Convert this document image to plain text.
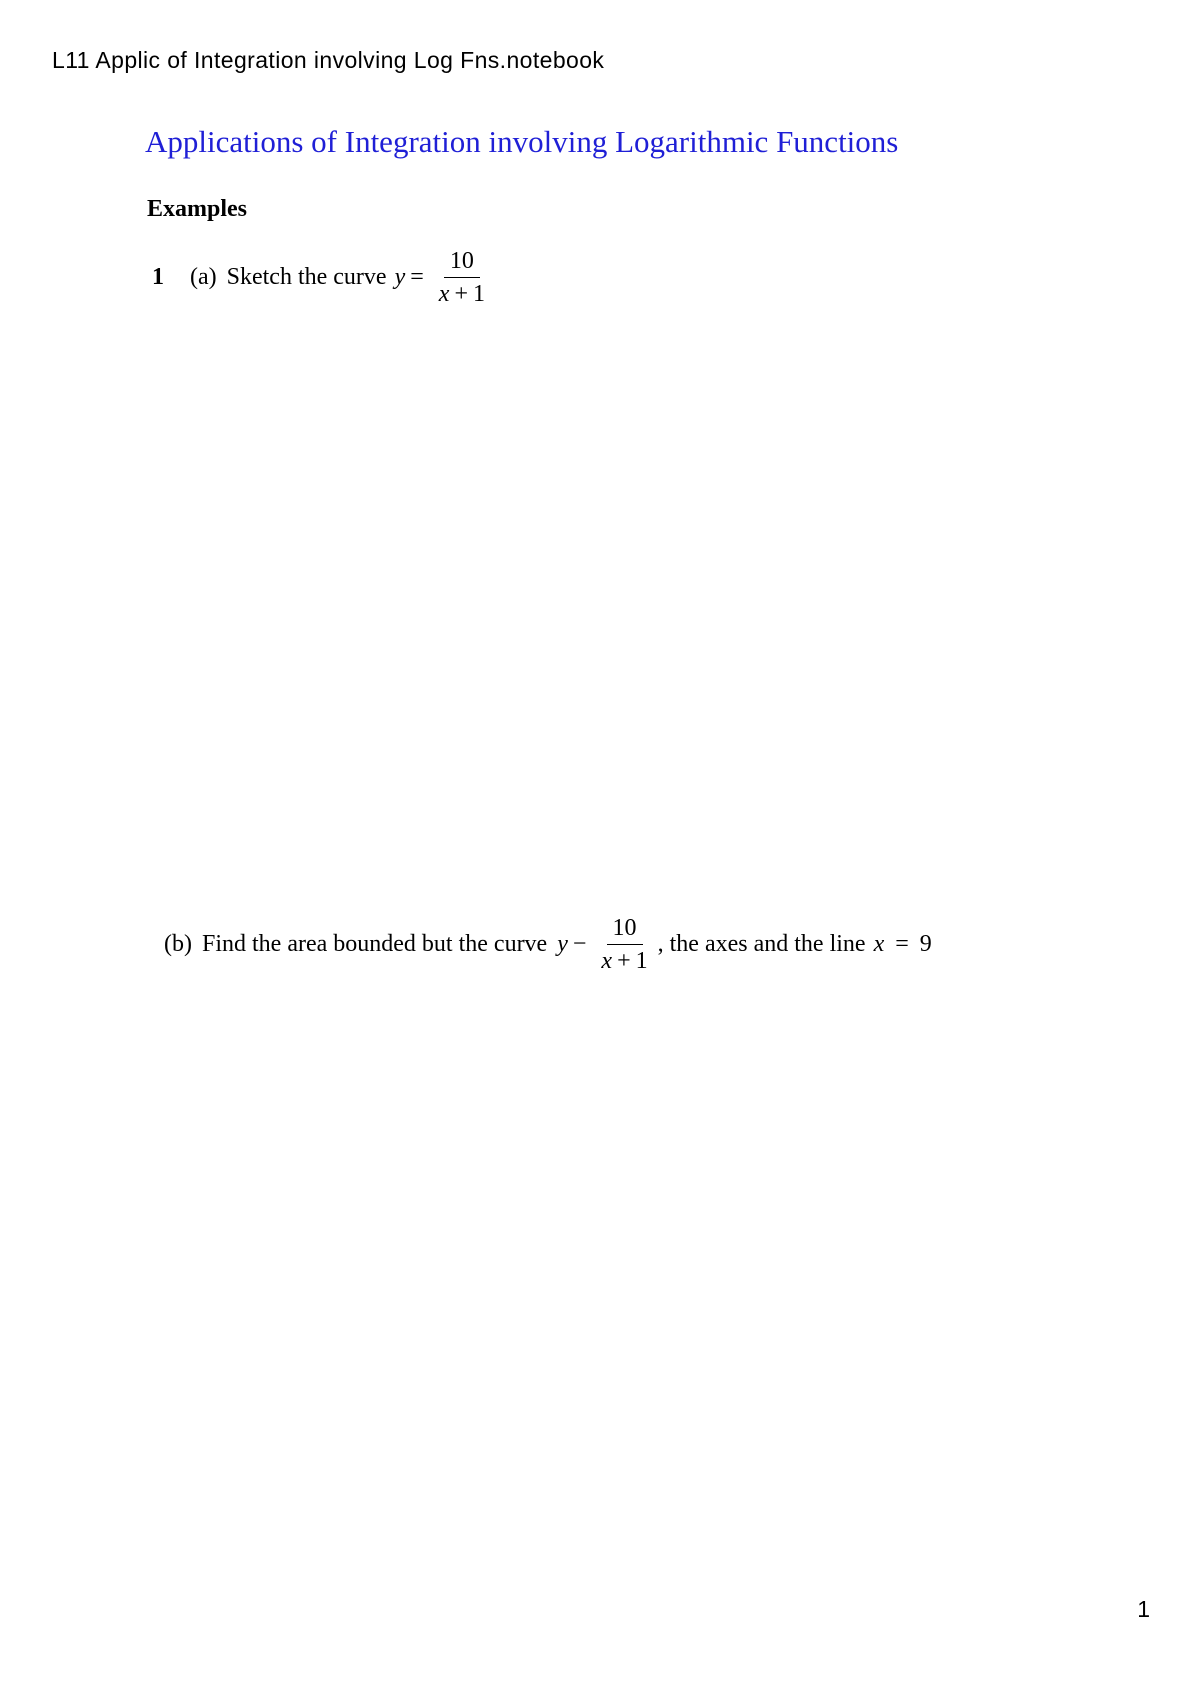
L11 Applic of Integration involving Log Fns.notebook
Applications of Integration involving Logarithmic Functions
Examples
1 (a) Sketch the curve $y = \frac{10}{x + 1}$
(b) Find the area bounded but the curve $y - \frac{10}{x + 1}$ , the axes and the line x = 9
1
